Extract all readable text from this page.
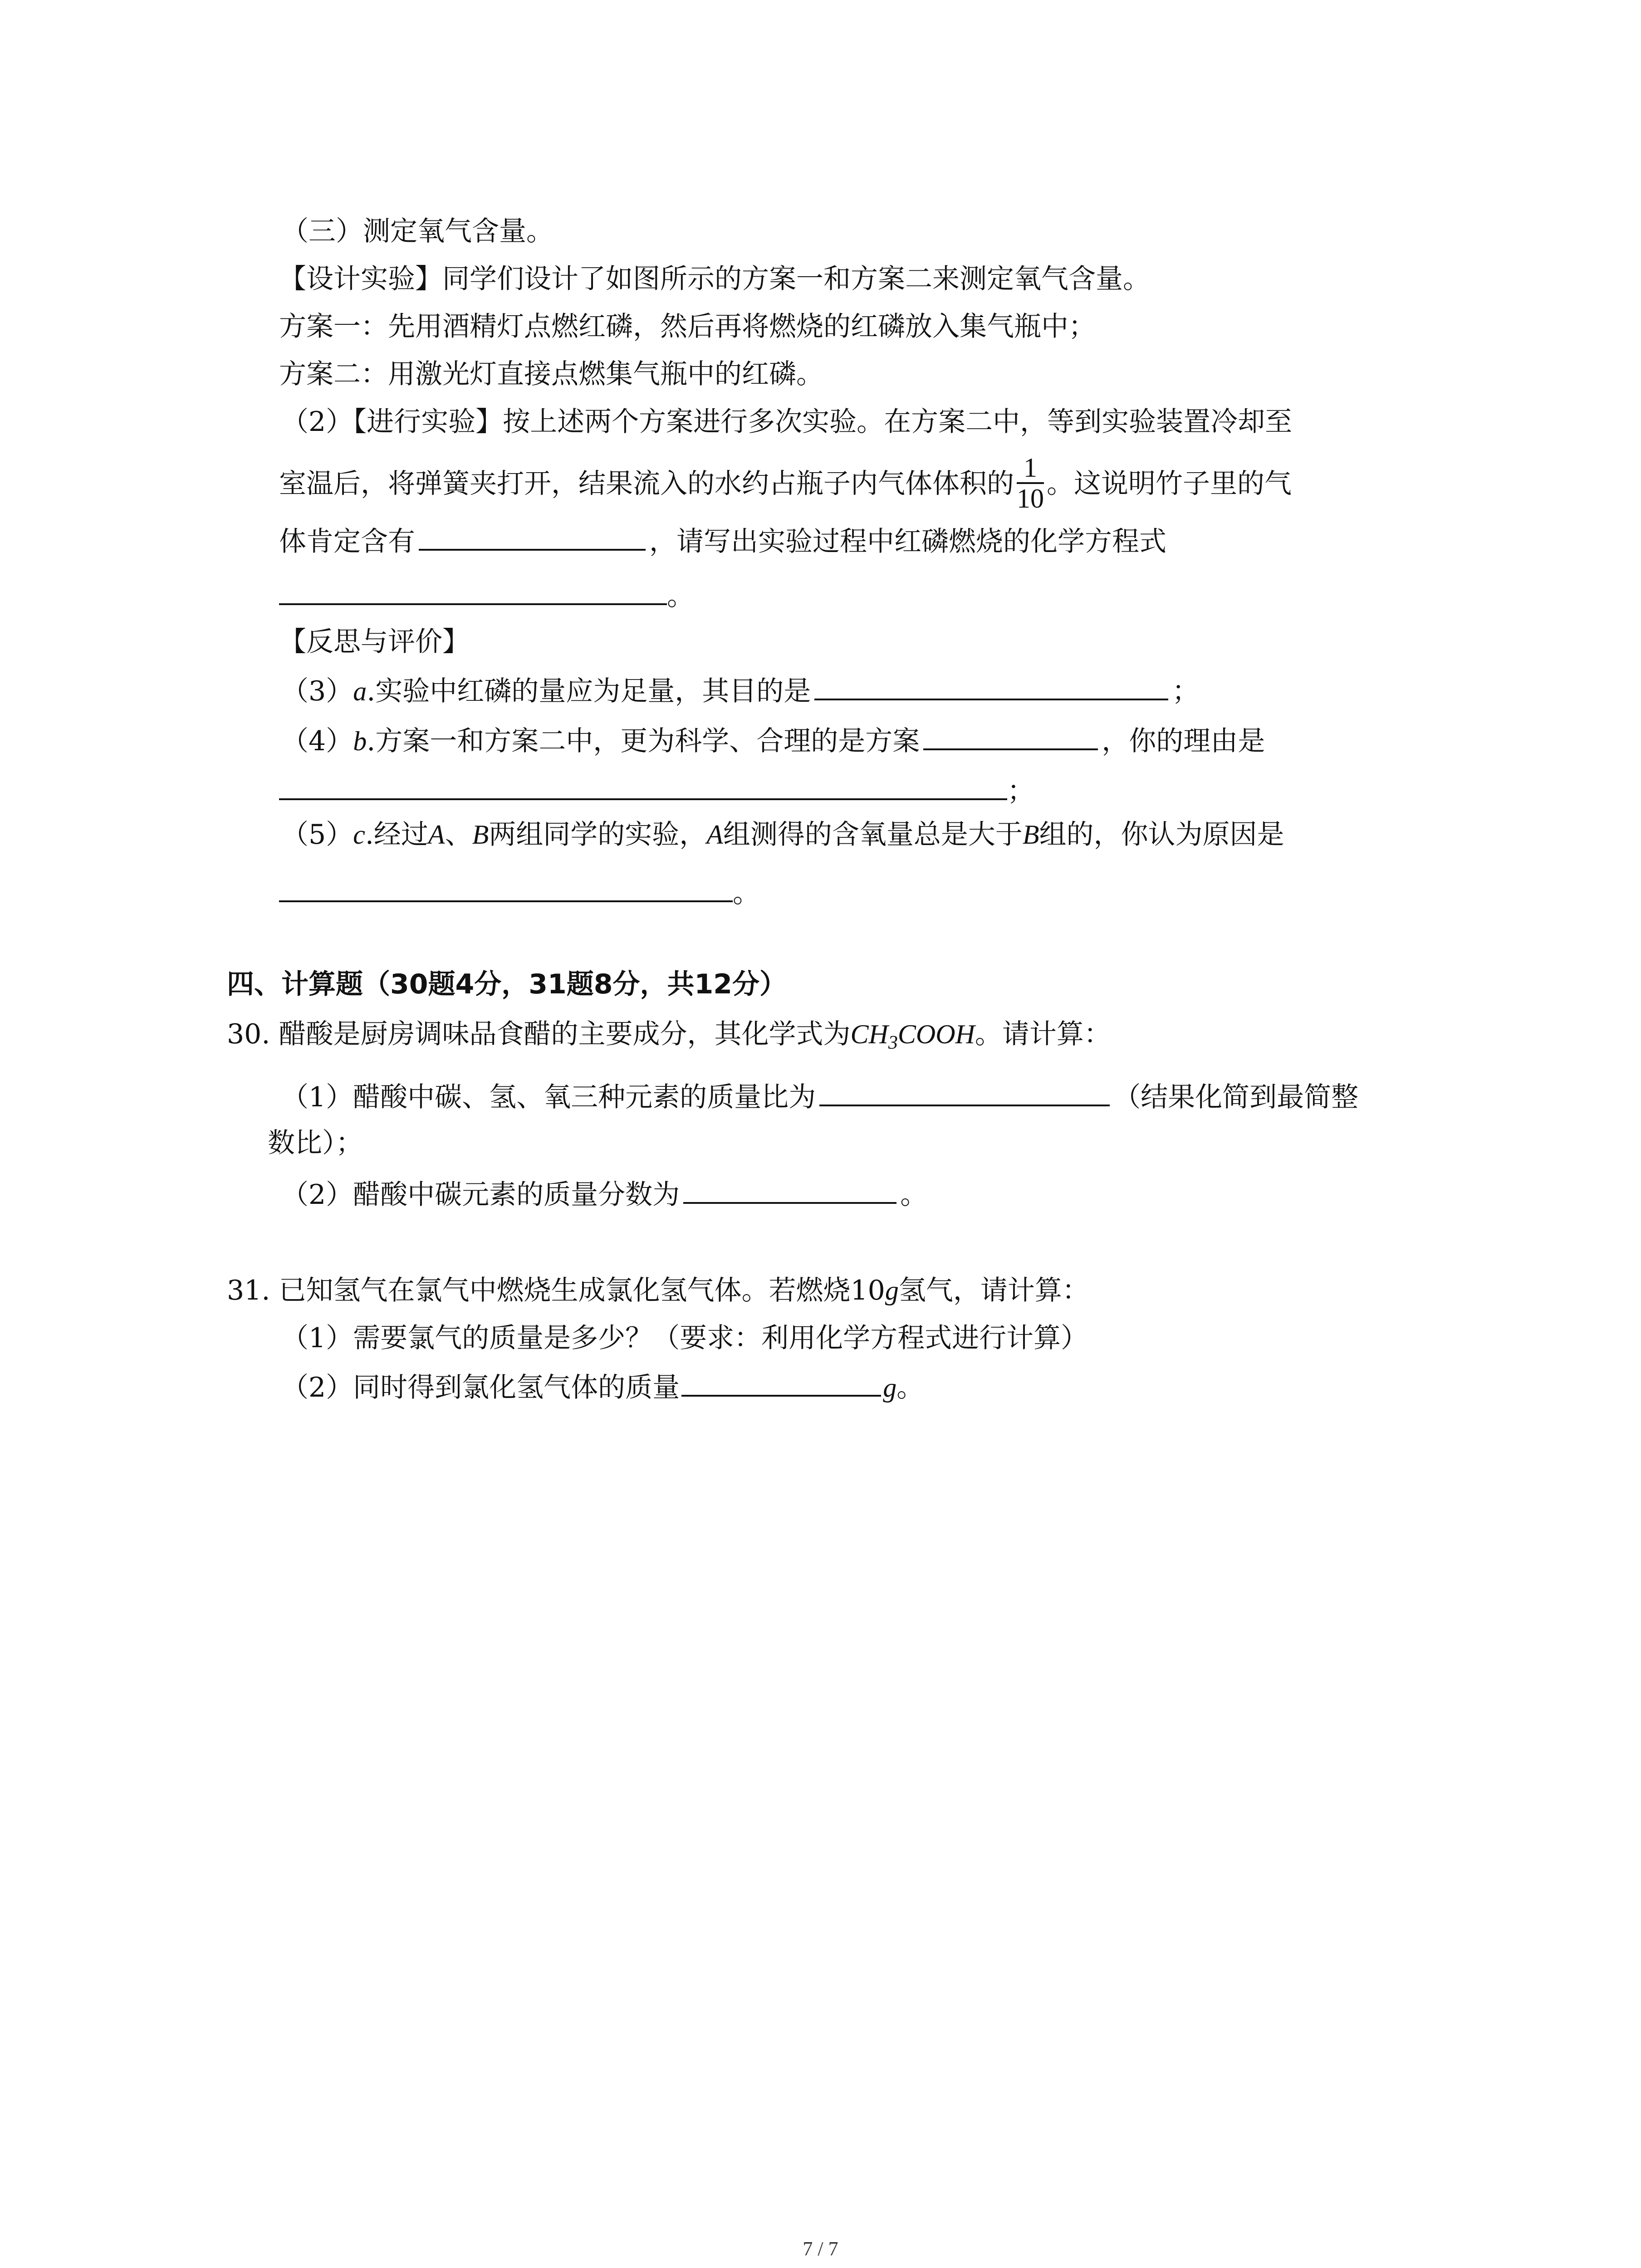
（三）测定氧气含量。
【设计实验】同学们设计了如图所示的方案一和方案二来测定氧气含量。
方案一：先用酒精灯点燃红磷，然后再将燃烧的红磷放入集气瓶中；
方案二：用激光灯直接点燃集气瓶中的红磷。
（2）【进行实验】按上述两个方案进行多次实验。在方案二中，等到实验装置冷却至
室温后，将弹簧夹打开，结果流入的水约占瓶子内气体体积的 $\frac{1}{10}$ 。这说明竹子里的气
体肯定含有	，请写出实验过程中红磷燃烧的化学方程式
。
【反思与评价】
（3）a.实验中红磷的量应为足量，其目的是	；
（4）b.方案一和方案二中，更为科学、合理的是方案	，你的理由是
；
（5）c.经过A、B两组同学的实验，A组测得的含氧量总是大于B组的，你认为原因是
。
四、计算题（30题4分，31题8分，共12分）
30. 醋酸是厨房调味品食醋的主要成分，其化学式为$CH_3COOH$。请计算：
（1）醋酸中碳、氢、氧三种元素的质量比为	（结果化简到最简整
数比）；
（2）醋酸中碳元素的质量分数为	。
31. 已知氢气在氯气中燃烧生成氯化氢气体。若燃烧10g氢气，请计算：
（1）需要氯气的质量是多少？（要求：利用化学方程式进行计算）
（2）同时得到氯化氢气体的质量	g。
7 / 7
